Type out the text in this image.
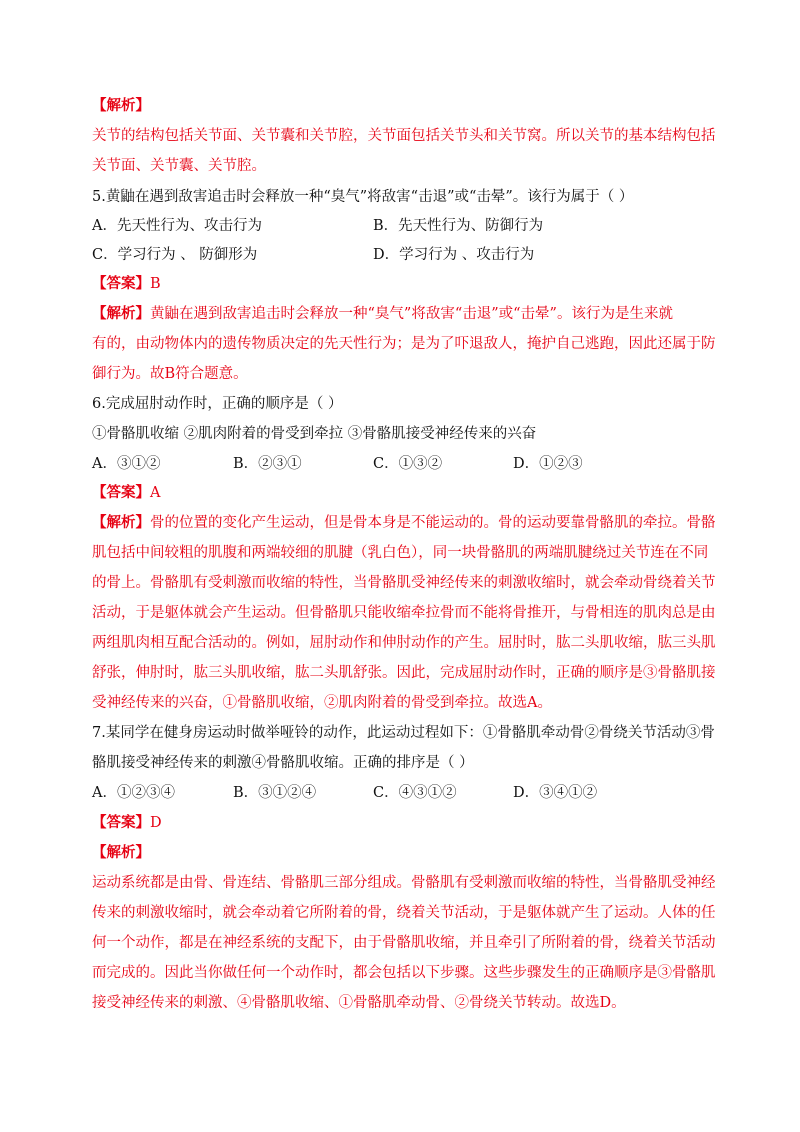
【解析】
关节的结构包括关节面、关节囊和关节腔，关节面包括关节头和关节窝。所以关节的基本结构包括
关节面、关节囊、关节腔。
5.黄鼬在遇到敌害追击时会释放一种“臭气”将敌害“击退”或“击晕”。该行为属于（ ）
A．先天性行为、攻击行为	B．先天性行为、防御行为
C．学习行为 、 防御形为	D．学习行为 、攻击行为
【答案】B
【解析】黄鼬在遇到敌害追击时会释放一种“臭气”将敌害“击退”或“击晕”。该行为是生来就
有的，由动物体内的遗传物质决定的先天性行为；是为了吓退敌人，掩护自己逃跑，因此还属于防
御行为。故B符合题意。
6.完成屈肘动作时，正确的顺序是（ ）
①骨骼肌收缩 ②肌肉附着的骨受到牵拉 ③骨骼肌接受神经传来的兴奋
A．③①②	B．②③①	C．①③②	D．①②③
【答案】A
【解析】骨的位置的变化产生运动，但是骨本身是不能运动的。骨的运动要靠骨骼肌的牵拉。骨骼
肌包括中间较粗的肌腹和两端较细的肌腱（乳白色），同一块骨骼肌的两端肌腱绕过关节连在不同
的骨上。骨骼肌有受刺激而收缩的特性，当骨骼肌受神经传来的刺激收缩时，就会牵动骨绕着关节
活动，于是躯体就会产生运动。但骨骼肌只能收缩牵拉骨而不能将骨推开，与骨相连的肌肉总是由
两组肌肉相互配合活动的。例如，屈肘动作和伸肘动作的产生。屈肘时，肱二头肌收缩，肱三头肌
舒张，伸肘时，肱三头肌收缩，肱二头肌舒张。因此，完成屈肘动作时，正确的顺序是③骨骼肌接
受神经传来的兴奋，①骨骼肌收缩，②肌肉附着的骨受到牵拉。故选A。
7.某同学在健身房运动时做举哑铃的动作，此运动过程如下：①骨骼肌牵动骨②骨绕关节活动③骨
骼肌接受神经传来的刺激④骨骼肌收缩。正确的排序是（ ）
A．①②③④	B．③①②④	C．④③①②	D．③④①②
【答案】D
【解析】
运动系统都是由骨、骨连结、骨骼肌三部分组成。骨骼肌有受刺激而收缩的特性，当骨骼肌受神经
传来的刺激收缩时，就会牵动着它所附着的骨，绕着关节活动，于是躯体就产生了运动。人体的任
何一个动作，都是在神经系统的支配下，由于骨骼肌收缩，并且牵引了所附着的骨，绕着关节活动
而完成的。因此当你做任何一个动作时，都会包括以下步骤。这些步骤发生的正确顺序是③骨骼肌
接受神经传来的刺激、④骨骼肌收缩、①骨骼肌牵动骨、②骨绕关节转动。故选D。
